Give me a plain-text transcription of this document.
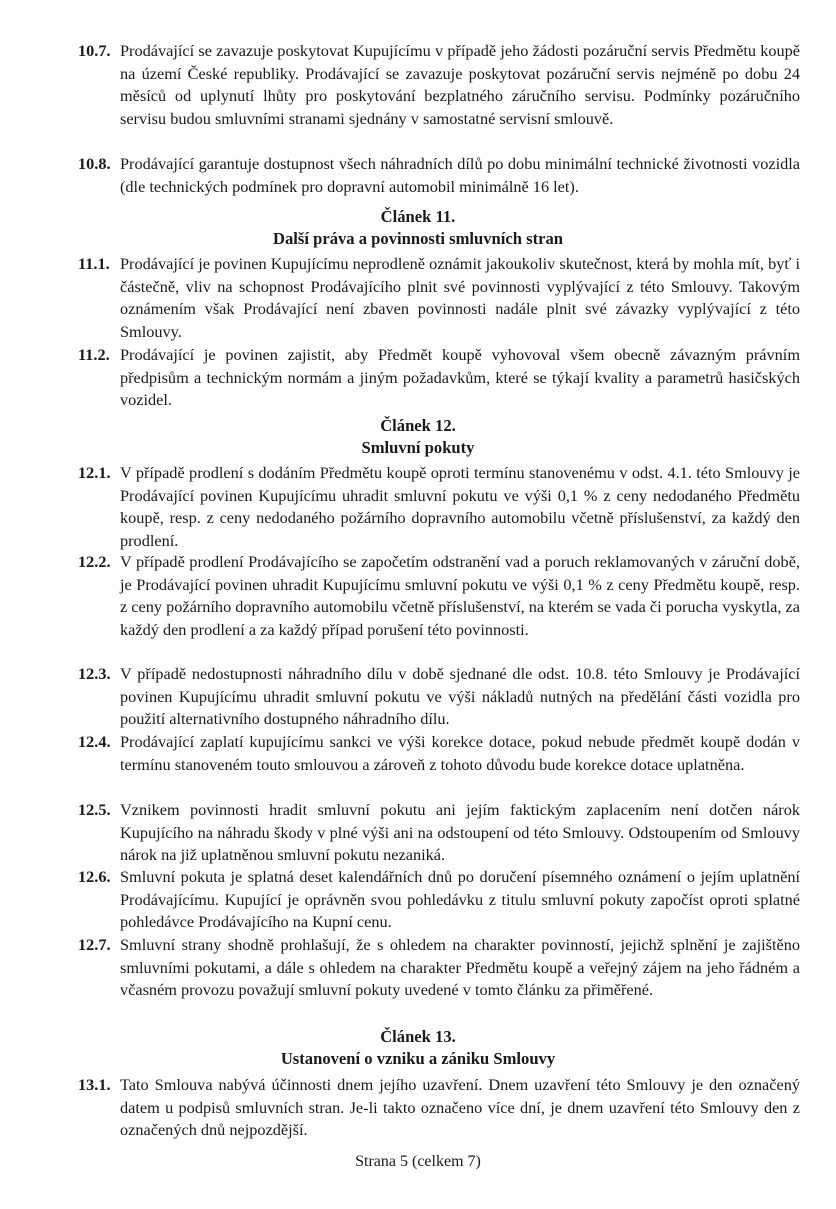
10.7. Prodávající se zavazuje poskytovat Kupujícímu v případě jeho žádosti pozáruční servis Předmětu koupě na území České republiky. Prodávající se zavazuje poskytovat pozáruční servis nejméně po dobu 24 měsíců od uplynutí lhůty pro poskytování bezplatného záručního servisu. Podmínky pozáručního servisu budou smluvními stranami sjednány v samostatné servisní smlouvě.
10.8. Prodávající garantuje dostupnost všech náhradních dílů po dobu minimální technické životnosti vozidla (dle technických podmínek pro dopravní automobil minimálně 16 let).
Článek 11.
Další práva a povinnosti smluvních stran
11.1. Prodávající je povinen Kupujícímu neprodleně oznámit jakoukoliv skutečnost, která by mohla mít, byť i částečně, vliv na schopnost Prodávajícího plnit své povinnosti vyplývající z této Smlouvy. Takovým oznámením však Prodávající není zbaven povinnosti nadále plnit své závazky vyplývající z této Smlouvy.
11.2. Prodávající je povinen zajistit, aby Předmět koupě vyhovoval všem obecně závazným právním předpisům a technickým normám a jiným požadavkům, které se týkají kvality a parametrů hasičských vozidel.
Článek 12.
Smluvní pokuty
12.1. V případě prodlení s dodáním Předmětu koupě oproti termínu stanovenému v odst. 4.1. této Smlouvy je Prodávající povinen Kupujícímu uhradit smluvní pokutu ve výši 0,1 % z ceny nedodaného Předmětu koupě, resp. z ceny nedodaného požárního dopravního automobilu včetně příslušenství, za každý den prodlení.
12.2. V případě prodlení Prodávajícího se započetím odstranění vad a poruch reklamovaných v záruční době, je Prodávající povinen uhradit Kupujícímu smluvní pokutu ve výši 0,1 % z ceny Předmětu koupě, resp. z ceny požárního dopravního automobilu včetně příslušenství, na kterém se vada či porucha vyskytla, za každý den prodlení a za každý případ porušení této povinnosti.
12.3. V případě nedostupnosti náhradního dílu v době sjednané dle odst. 10.8. této Smlouvy je Prodávající povinen Kupujícímu uhradit smluvní pokutu ve výši nákladů nutných na předělání části vozidla pro použití alternativního dostupného náhradního dílu.
12.4. Prodávající zaplatí kupujícímu sankci ve výši korekce dotace, pokud nebude předmět koupě dodán v termínu stanoveném touto smlouvou a zároveň z tohoto důvodu bude korekce dotace uplatněna.
12.5. Vznikem povinnosti hradit smluvní pokutu ani jejím faktickým zaplacením není dotčen nárok Kupujícího na náhradu škody v plné výši ani na odstoupení od této Smlouvy. Odstoupením od Smlouvy nárok na již uplatněnou smluvní pokutu nezaniká.
12.6. Smluvní pokuta je splatná deset kalendářních dnů po doručení písemného oznámení o jejím uplatnění Prodávajícímu. Kupující je oprávněn svou pohledávku z titulu smluvní pokuty započíst oproti splatné pohledávce Prodávajícího na Kupní cenu.
12.7. Smluvní strany shodně prohlašují, že s ohledem na charakter povinností, jejichž splnění je zajištěno smluvními pokutami, a dále s ohledem na charakter Předmětu koupě a veřejný zájem na jeho řádném a včasném provozu považují smluvní pokuty uvedené v tomto článku za přiměřené.
Článek 13.
Ustanovení o vzniku a zániku Smlouvy
13.1. Tato Smlouva nabývá účinnosti dnem jejího uzavření. Dnem uzavření této Smlouvy je den označený datem u podpisů smluvních stran. Je-li takto označeno více dní, je dnem uzavření této Smlouvy den z označených dnů nejpozdější.
Strana 5 (celkem 7)
